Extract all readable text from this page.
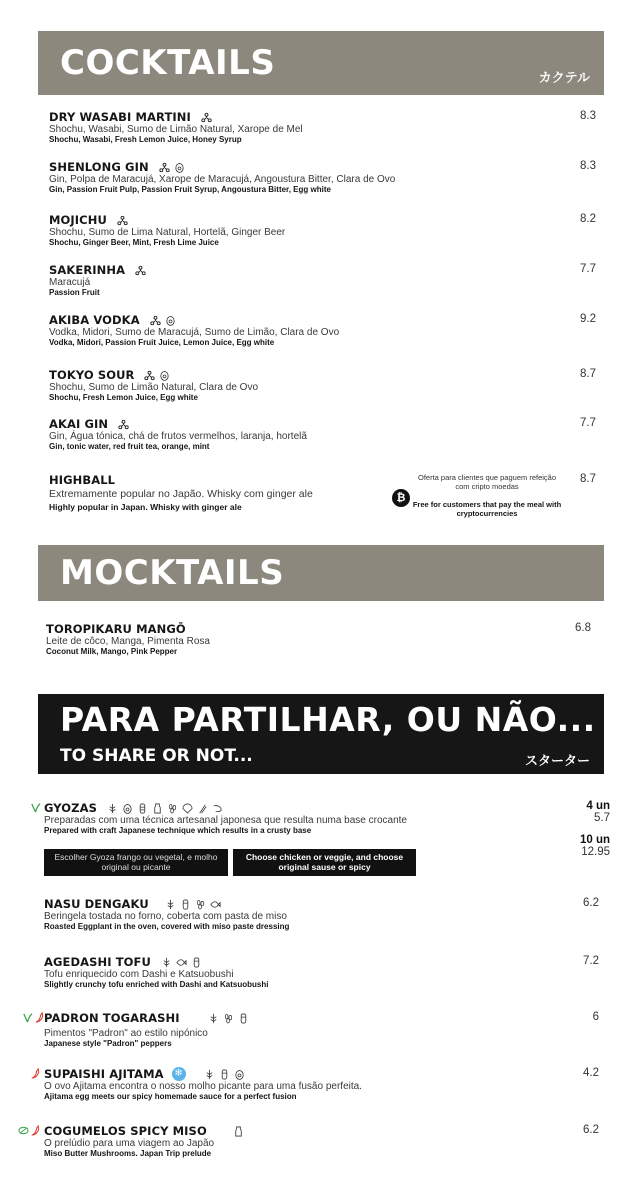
COCKTAILS	カクテル
DRY WASABI MARTINI
Shochu, Wasabi, Sumo de Limão Natural, Xarope de Mel
Shochu, Wasabi, Fresh Lemon Juice, Honey Syrup
8.3
SHENLONG GIN
Gin, Polpa de Maracujá, Xarope de Maracujá, Angoustura Bitter, Clara de Ovo
Gin, Passion Fruit Pulp, Passion Fruit Syrup, Angoustura Bitter, Egg white
8.3
MOJICHU
Shochu, Sumo de Lima Natural, Hortelã, Ginger Beer
Shochu, Ginger Beer, Mint, Fresh Lime Juice
8.2
SAKERINHA
Maracujá
Passion Fruit
7.7
AKIBA VODKA
Vodka, Midori, Sumo de Maracujá, Sumo de Limão, Clara de Ovo
Vodka, Midori, Passion Fruit Juice, Lemon Juice, Egg white
9.2
TOKYO SOUR
Shochu, Sumo de Limão Natural, Clara de Ovo
Shochu, Fresh Lemon Juice, Egg white
8.7
AKAI GIN
Gin, Água tónica, chá de frutos vermelhos, laranja, hortelã
Gin, tonic water, red fruit tea, orange, mint
7.7
HIGHBALL
Extremamente popular no Japão. Whisky com ginger ale
Highly popular in Japan. Whisky with ginger ale
8.7
Oferta para clientes que paguem refeição com cripto moedas
₿
Free for customers that pay the meal with cryptocurrencies
MOCKTAILS
TOROPIKARU MANGŌ
Leite de côco, Manga, Pimenta Rosa
Coconut Milk, Mango, Pink Pepper
6.8
PARA PARTILHAR, OU NÃO...
TO SHARE OR NOT...	スターター
GYOZAS
Preparadas com uma técnica artesanal japonesa que resulta numa base crocante
Prepared with craft Japanese technique which results in a crusty base
Escolher Gyoza frango ou vegetal, e molho original ou picante
Choose chicken or veggie, and choose original sause or spicy
4 un
5.7
10 un
12.95
NASU DENGAKU
Beringela tostada no forno, coberta com pasta de miso
Roasted Eggplant in the oven, covered with miso paste dressing
6.2
AGEDASHI TOFU
Tofu enriquecido com Dashi e Katsuobushi
Slightly crunchy tofu enriched with Dashi and Katsuobushi
7.2
PADRON TOGARASHI
Pimentos "Padron" ao estilo nipónico
Japanese style "Padron" peppers
6
SUPAISHI AJITAMA ❄
O ovo Ajitama encontra o nosso molho picante para uma fusão perfeita.
Ajitama egg meets our spicy homemade sauce for a perfect fusion
4.2
COGUMELOS SPICY MISO
O prelúdio para uma viagem ao Japão
Miso Butter Mushrooms. Japan Trip prelude
6.2
